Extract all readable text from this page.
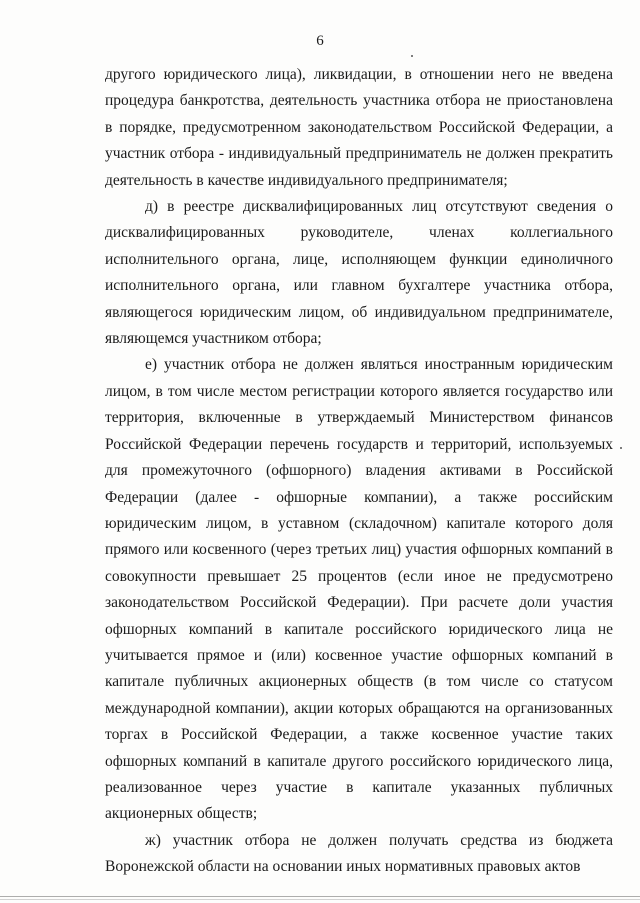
6

другого юридического лица), ликвидации, в отношении него не введена процедура банкротства, деятельность участника отбора не приостановлена в порядке, предусмотренном законодательством Российской Федерации, а участник отбора - индивидуальный предприниматель не должен прекратить деятельность в качестве индивидуального предпринимателя;

д) в реестре дисквалифицированных лиц отсутствуют сведения о дисквалифицированных руководителе, членах коллегиального исполнительного органа, лице, исполняющем функции единоличного исполнительного органа, или главном бухгалтере участника отбора, являющегося юридическим лицом, об индивидуальном предпринимателе, являющемся участником отбора;

е) участник отбора не должен являться иностранным юридическим лицом, в том числе местом регистрации которого является государство или территория, включенные в утверждаемый Министерством финансов Российской Федерации перечень государств и территорий, используемых для промежуточного (офшорного) владения активами в Российской Федерации (далее - офшорные компании), а также российским юридическим лицом, в уставном (складочном) капитале которого доля прямого или косвенного (через третьих лиц) участия офшорных компаний в совокупности превышает 25 процентов (если иное не предусмотрено законодательством Российской Федерации). При расчете доли участия офшорных компаний в капитале российского юридического лица не учитывается прямое и (или) косвенное участие офшорных компаний в капитале публичных акционерных обществ (в том числе со статусом международной компании), акции которых обращаются на организованных торгах в Российской Федерации, а также косвенное участие таких офшорных компаний в капитале другого российского юридического лица, реализованное через участие в капитале указанных публичных акционерных обществ;

ж) участник отбора не должен получать средства из бюджета Воронежской области на основании иных нормативных правовых актов
